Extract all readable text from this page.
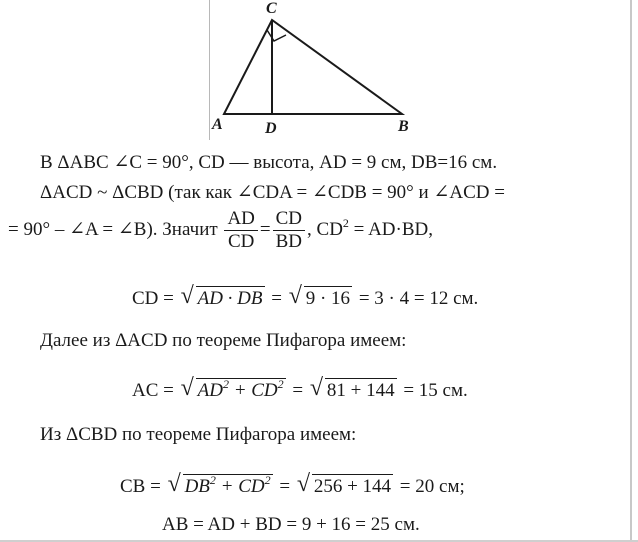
C
A	D	B
В ΔABC ∠C = 90°, CD — высота, AD = 9 см, DB=16 см.
ΔACD ~ ΔCBD (так как ∠CDA = ∠CDB = 90° и ∠ACD =
= 90° – ∠A = ∠B). Значит $\frac{AD}{CD} = \frac{CD}{BD}$ , $CD^2 = AD\cdot BD$,
CD = √ AD · DB = √ 9 · 16 = 3 · 4 = 12 см.
Далее из ΔACD по теореме Пифагора имеем:
AC = √ $AD^2 + CD^2$ = √ 81 + 144 = 15 см.
Из ΔCBD по теореме Пифагора имеем:
CB = √ $DB^2 + CD^2$ = √ 256 + 144 = 20 см;
AB = AD + BD = 9 + 16 = 25 см.
